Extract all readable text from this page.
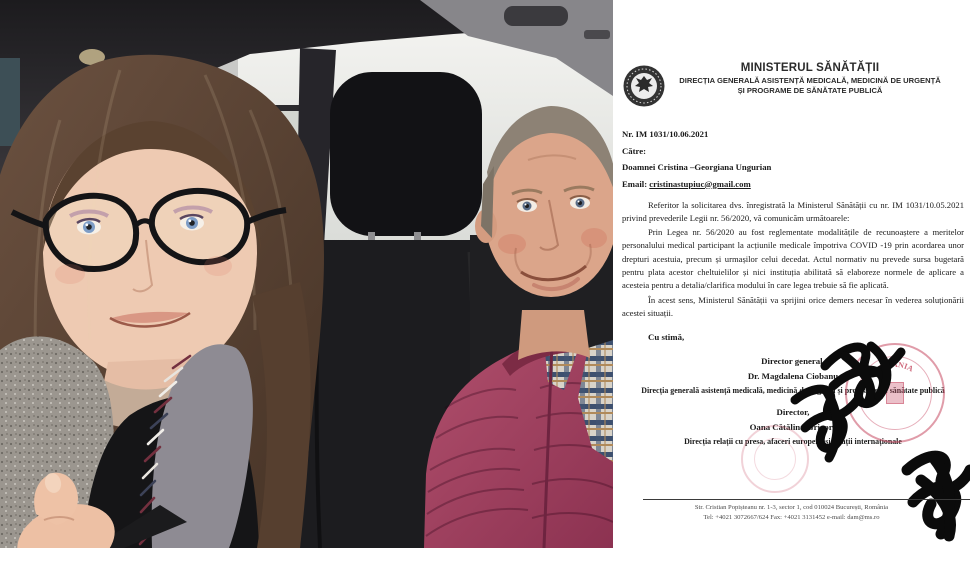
MINISTERUL SĂNĂTĂȚII
DIRECȚIA GENERALĂ ASISTENȚĂ MEDICALĂ, MEDICINĂ DE URGENȚĂ
ȘI PROGRAME DE SĂNĂTATE PUBLICĂ
Nr. IM 1031/10.06.2021
Către:
Doamnei Cristina –Georgiana Ungurian
Email: cristinastupiuc@gmail.com

Referitor la solicitarea dvs. înregistrată la Ministerul Sănătății cu nr. IM 1031/10.05.2021 privind prevederile Legii nr. 56/2020, vă comunicăm următoarele:

Prin Legea nr. 56/2020 au fost reglementate modalitățile de recunoaștere a meritelor personalului medical participant la acțiunile medicale împotriva COVID -19 prin acordarea unor drepturi acestuia, precum și urmașilor celui decedat. Actul normativ nu prevede sursa bugetară pentru plata acestor cheltuielilor și nici instituția abilitată să elaboreze normele de aplicare a acesteia pentru a detalia/clarifica modului în care legea trebuie să fie aplicată.

În acest sens, Ministerul Sănătății va sprijini orice demers necesar în vederea soluționării acestei situații.

Cu stimă,
Director general,
Dr. Magdalena Ciobanu
Direcția generală asistență medicală, medicină de urgență și programe de sănătate publică
Director,
Oana Cătălina Grigore
Direcția relații cu presa, afaceri europene și relații internaționale
ROMÂNIA
Str. Cristian Popișteanu nr. 1-3, sector 1, cod 010024 București, România
Tel: +4021 3072667/624 Fax: +4021 3131452 e-mail: dam@ms.ro
